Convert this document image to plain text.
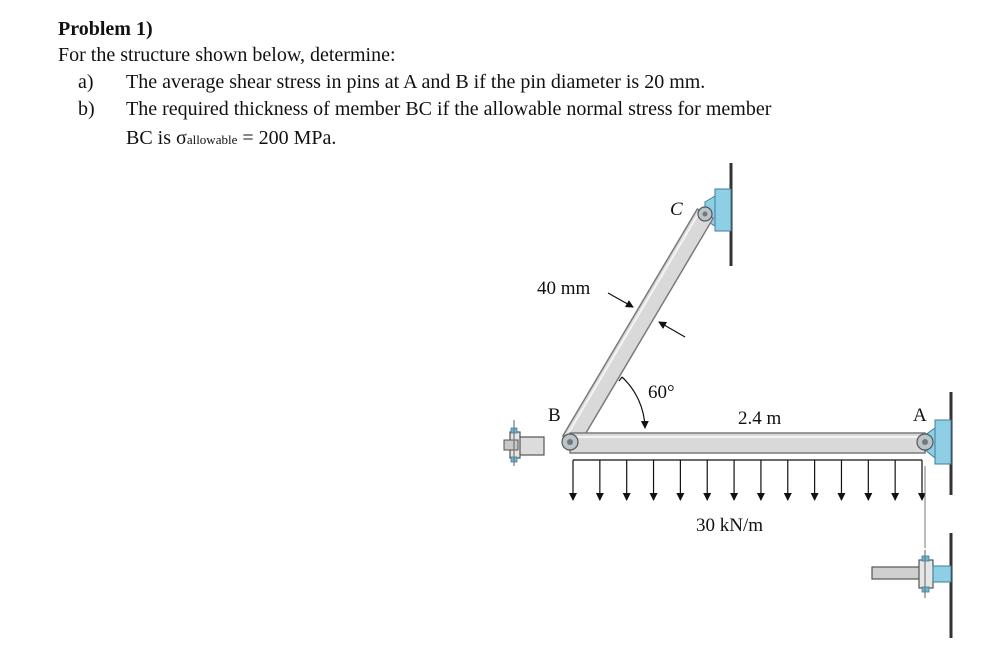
Problem 1)
For the structure shown below, determine:
a) The average shear stress in pins at A and B if the pin diameter is 20 mm.
b) The required thickness of member BC if the allowable normal stress for member
BC is σallowable = 200 MPa.
C
B	A
40 mm
60°
2.4 m
30 kN/m
